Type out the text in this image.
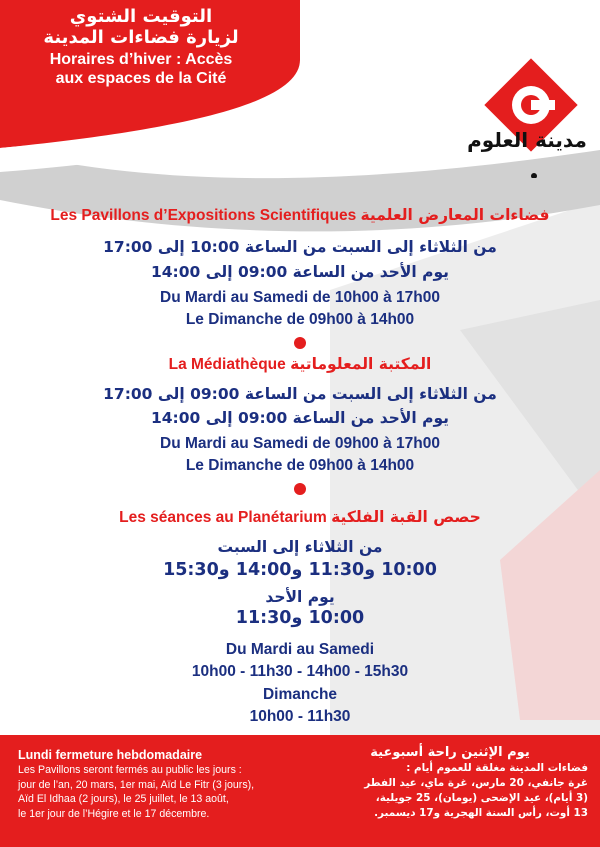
التوقيت الشتوي
لزيارة فضاءات المدينة
Horaires d’hiver : Accès
aux espaces de la Cité
مدينة العلوم
Les Pavillons d’Expositions Scientifiques فضاءات المعارض العلمية
من الثلاثاء إلى السبت من الساعة 10:00 إلى 17:00
يوم الأحد من الساعة 09:00 إلى 14:00
Du Mardi au Samedi de 10h00 à 17h00
Le Dimanche de 09h00 à 14h00
La Médiathèque المكتبة المعلوماتية
من الثلاثاء إلى السبت من الساعة 09:00 إلى 17:00
يوم الأحد من الساعة 09:00 إلى 14:00
Du Mardi au Samedi de 09h00 à 17h00
Le Dimanche de 09h00 à 14h00
Les séances au Planétarium حصص القبة الفلكية
من الثلاثاء إلى السبت
10:00 و11:30 و14:00 و15:30
يوم الأحد
10:00 و11:30
Du Mardi au Samedi
10h00 - 11h30 - 14h00 - 15h30
Dimanche
10h00 - 11h30
Lundi fermeture hebdomadaire
Les Pavillons seront fermés au public les jours :
jour de l’an, 20 mars, 1er mai, Aïd Le Fitr (3 jours),
Aïd El Idhaa (2 jours), le 25 juillet, le 13 août,
le 1er jour de l’Hégire et le 17 décembre.
يوم الإثنين راحة أسبوعية
فضاءات المدينة مغلقة للعموم أيام :
غرة جانفي، 20 مارس، غرة ماي، عيد الفطر
(3 أيام)، عيد الإضحى (يومان)، 25 جويلية،
13 أوت، رأس السنة الهجرية و17 ديسمبر.
